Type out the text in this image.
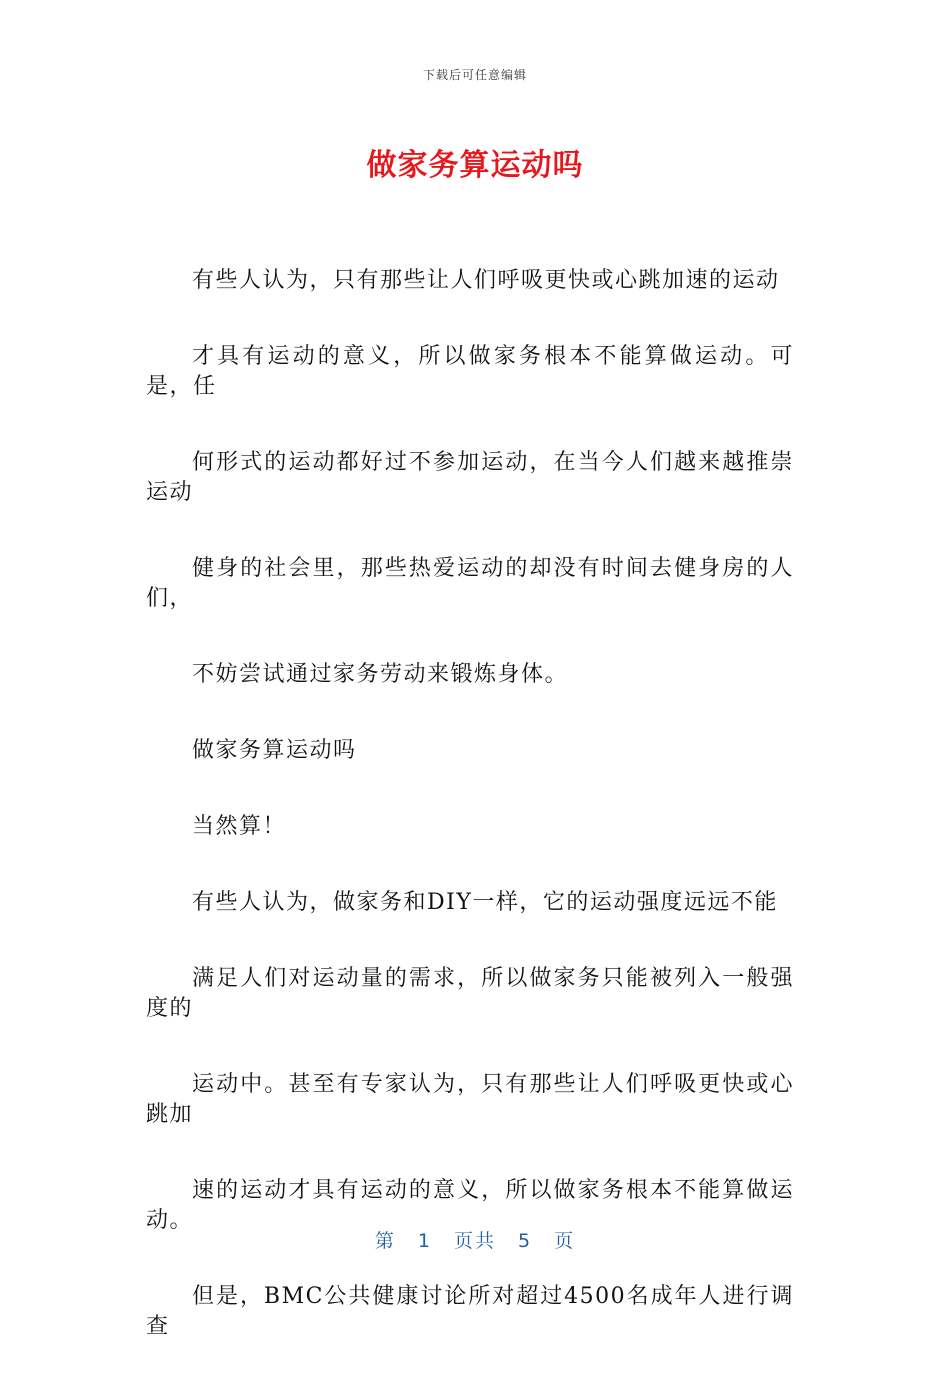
下载后可任意编辑
做家务算运动吗

有些人认为，只有那些让人们呼吸更快或心跳加速的运动
才具有运动的意义，所以做家务根本不能算做运动。可是，任
何形式的运动都好过不参加运动，在当今人们越来越推崇运动
健身的社会里，那些热爱运动的却没有时间去健身房的人们，
不妨尝试通过家务劳动来锻炼身体。

做家务算运动吗

当然算！

有些人认为，做家务和DIY一样，它的运动强度远远不能
满足人们对运动量的需求，所以做家务只能被列入一般强度的
运动中。甚至有专家认为，只有那些让人们呼吸更快或心跳加
速的运动才具有运动的意义，所以做家务根本不能算做运动。

但是，BMC公共健康讨论所对超过4500名成年人进行调查

第 1 页共 5 页
